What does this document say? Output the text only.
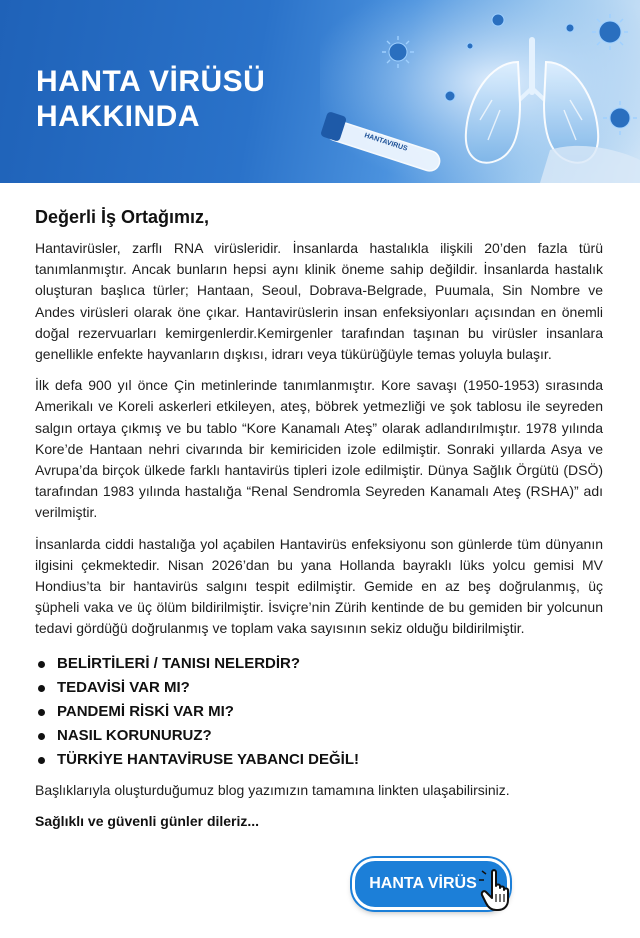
HANTA VİRÜSÜ
HAKKINDA
HANTAVIRUS
Değerli İş Ortağımız,

Hantavirüsler, zarflı RNA virüsleridir. İnsanlarda hastalıkla ilişkili 20’den fazla türü tanımlanmıştır. Ancak bunların hepsi aynı klinik öneme sahip değildir. İnsanlarda hastalık oluşturan başlıca türler; Hantaan, Seoul, Dobrava-Belgrade, Puumala, Sin Nombre ve Andes virüsleri olarak öne çıkar. Hantavirüslerin insan enfeksiyonları açısından en önemli doğal rezervuarları kemirgenlerdir.Kemirgenler tarafından taşınan bu virüsler insanlara genellikle enfekte hayvanların dışkısı, idrarı veya tükürüğüyle temas yoluyla bulaşır.

İlk defa 900 yıl önce Çin metinlerinde tanımlanmıştır. Kore savaşı (1950-1953) sırasında Amerikalı ve Koreli askerleri etkileyen, ateş, böbrek yetmezliği ve şok tablosu ile seyreden salgın ortaya çıkmış ve bu tablo “Kore Kanamalı Ateş” olarak adlandırılmıştır. 1978 yılında Kore’de Hantaan nehri civarında bir kemiriciden izole edilmiştir. Sonraki yıllarda Asya ve Avrupa’da birçok ülkede farklı hantavirüs tipleri izole edilmiştir. Dünya Sağlık Örgütü (DSÖ) tarafından 1983 yılında hastalığa “Renal Sendromla Seyreden Kanamalı Ateş (RSHA)” adı verilmiştir.

İnsanlarda ciddi hastalığa yol açabilen Hantavirüs enfeksiyonu son günlerde tüm dünyanın ilgisini çekmektedir. Nisan 2026’dan bu yana Hollanda bayraklı lüks yolcu gemisi MV Hondius’ta bir hantavirüs salgını tespit edilmiştir. Gemide en az beş doğrulanmış, üç şüpheli vaka ve üç ölüm bildirilmiştir. İsviçre’nin Zürih kentinde de bu gemiden bir yolcunun tedavi gördüğü doğrulanmış ve toplam vaka sayısının sekiz olduğu bildirilmiştir.

BELİRTİLERİ / TANISI NELERDİR?
TEDAVİSİ VAR MI?
PANDEMİ RİSKİ VAR MI?
NASIL KORUNURUZ?
TÜRKİYE HANTAVİRUSE YABANCI DEĞİL!

Başlıklarıyla oluşturduğumuz blog yazımızın tamamına linkten ulaşabilirsiniz.

Sağlıklı ve güvenli günler dileriz...

HANTA VİRÜS
